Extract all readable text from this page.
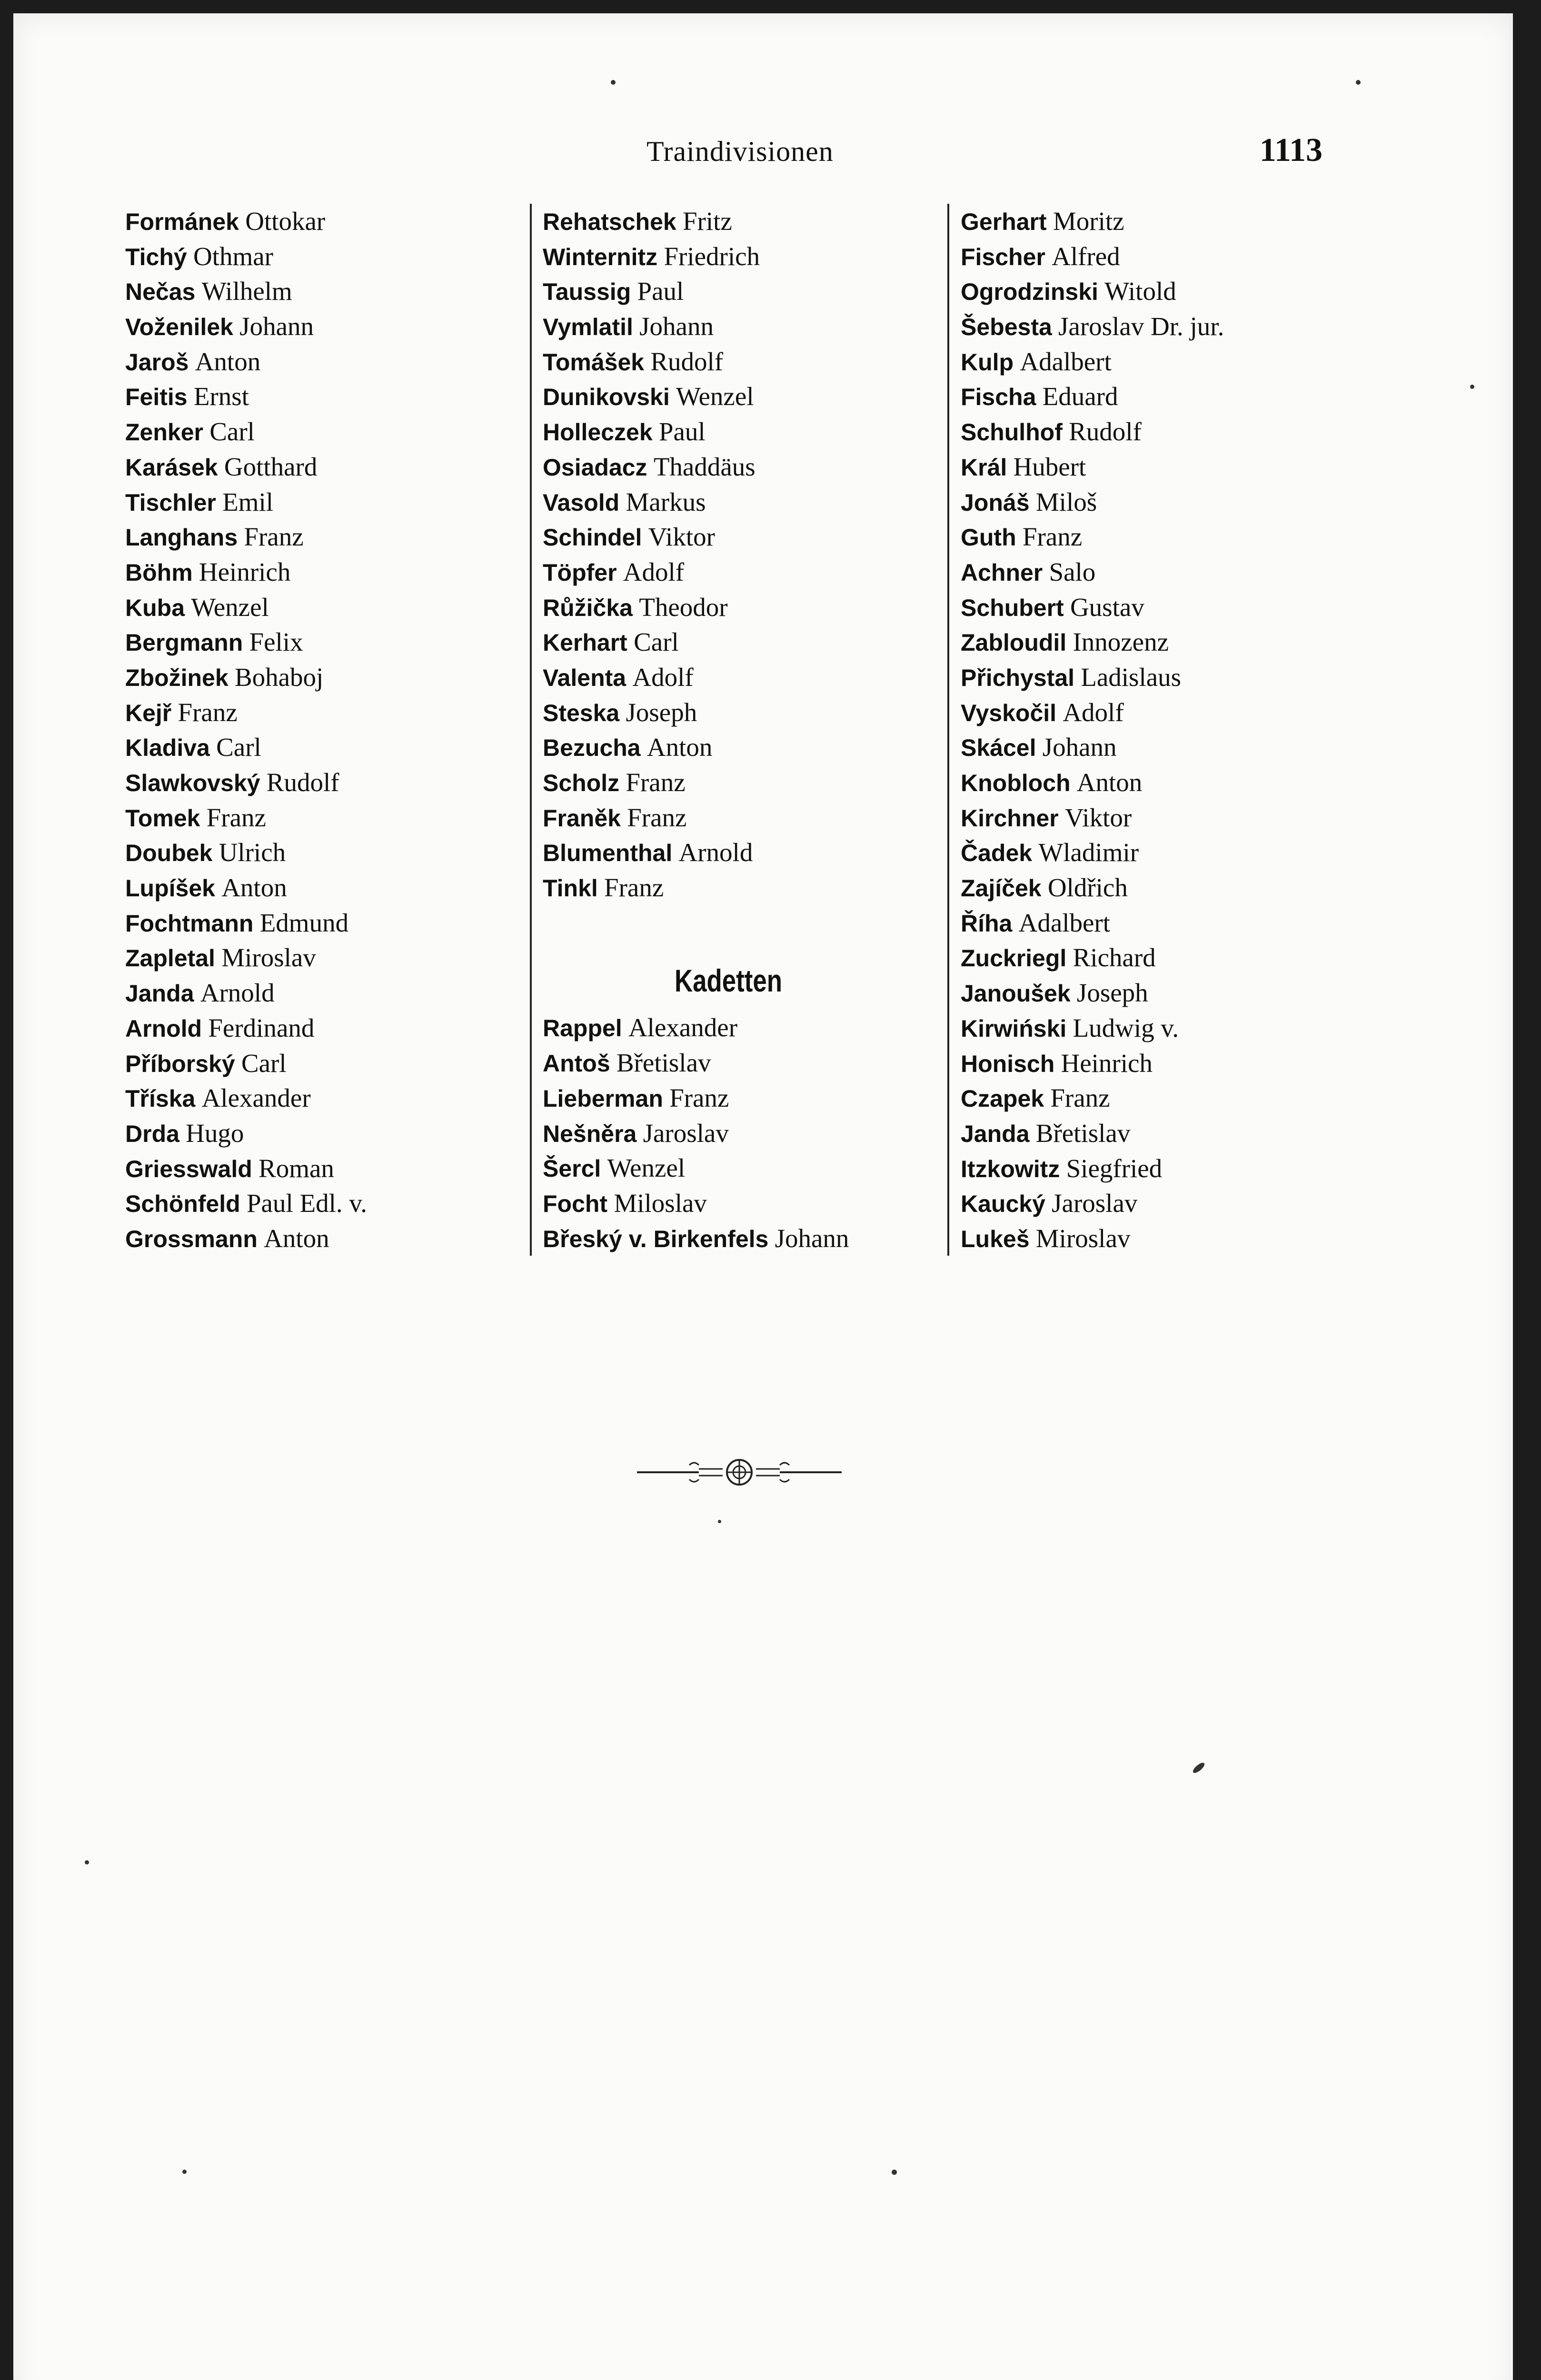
Traindivisionen	1113
Formánek Ottokar
Tichý Othmar
Nečas Wilhelm
Voženilek Johann
Jaroš Anton
Feitis Ernst
Zenker Carl
Karásek Gotthard
Tischler Emil
Langhans Franz
Böhm Heinrich
Kuba Wenzel
Bergmann Felix
Zbožinek Bohaboj
Kejř Franz
Kladiva Carl
Slawkovský Rudolf
Tomek Franz
Doubek Ulrich
Lupíšek Anton
Fochtmann Edmund
Zapletal Miroslav
Janda Arnold
Arnold Ferdinand
Příborský Carl
Tříska Alexander
Drda Hugo
Griesswald Roman
Schönfeld Paul Edl. v.
Grossmann Anton
Rehatschek Fritz
Winternitz Friedrich
Taussig Paul
Vymlatil Johann
Tomášek Rudolf
Dunikovski Wenzel
Holleczek Paul
Osiadacz Thaddäus
Vasold Markus
Schindel Viktor
Töpfer Adolf
Růžička Theodor
Kerhart Carl
Valenta Adolf
Steska Joseph
Bezucha Anton
Scholz Franz
Franěk Franz
Blumenthal Arnold
Tinkl Franz
Kadetten
Rappel Alexander
Antoš Břetislav
Lieberman Franz
Nešněra Jaroslav
Šercl Wenzel
Focht Miloslav
Břeský v. Birkenfels Johann
Gerhart Moritz
Fischer Alfred
Ogrodzinski Witold
Šebesta Jaroslav Dr. jur.
Kulp Adalbert
Fischa Eduard
Schulhof Rudolf
Král Hubert
Jonáš Miloš
Guth Franz
Achner Salo
Schubert Gustav
Zabloudil Innozenz
Přichystal Ladislaus
Vyskočil Adolf
Skácel Johann
Knobloch Anton
Kirchner Viktor
Čadek Wladimir
Zajíček Oldřich
Říha Adalbert
Zuckriegl Richard
Janoušek Joseph
Kirwiński Ludwig v.
Honisch Heinrich
Czapek Franz
Janda Břetislav
Itzkowitz Siegfried
Kaucký Jaroslav
Lukeš Miroslav
